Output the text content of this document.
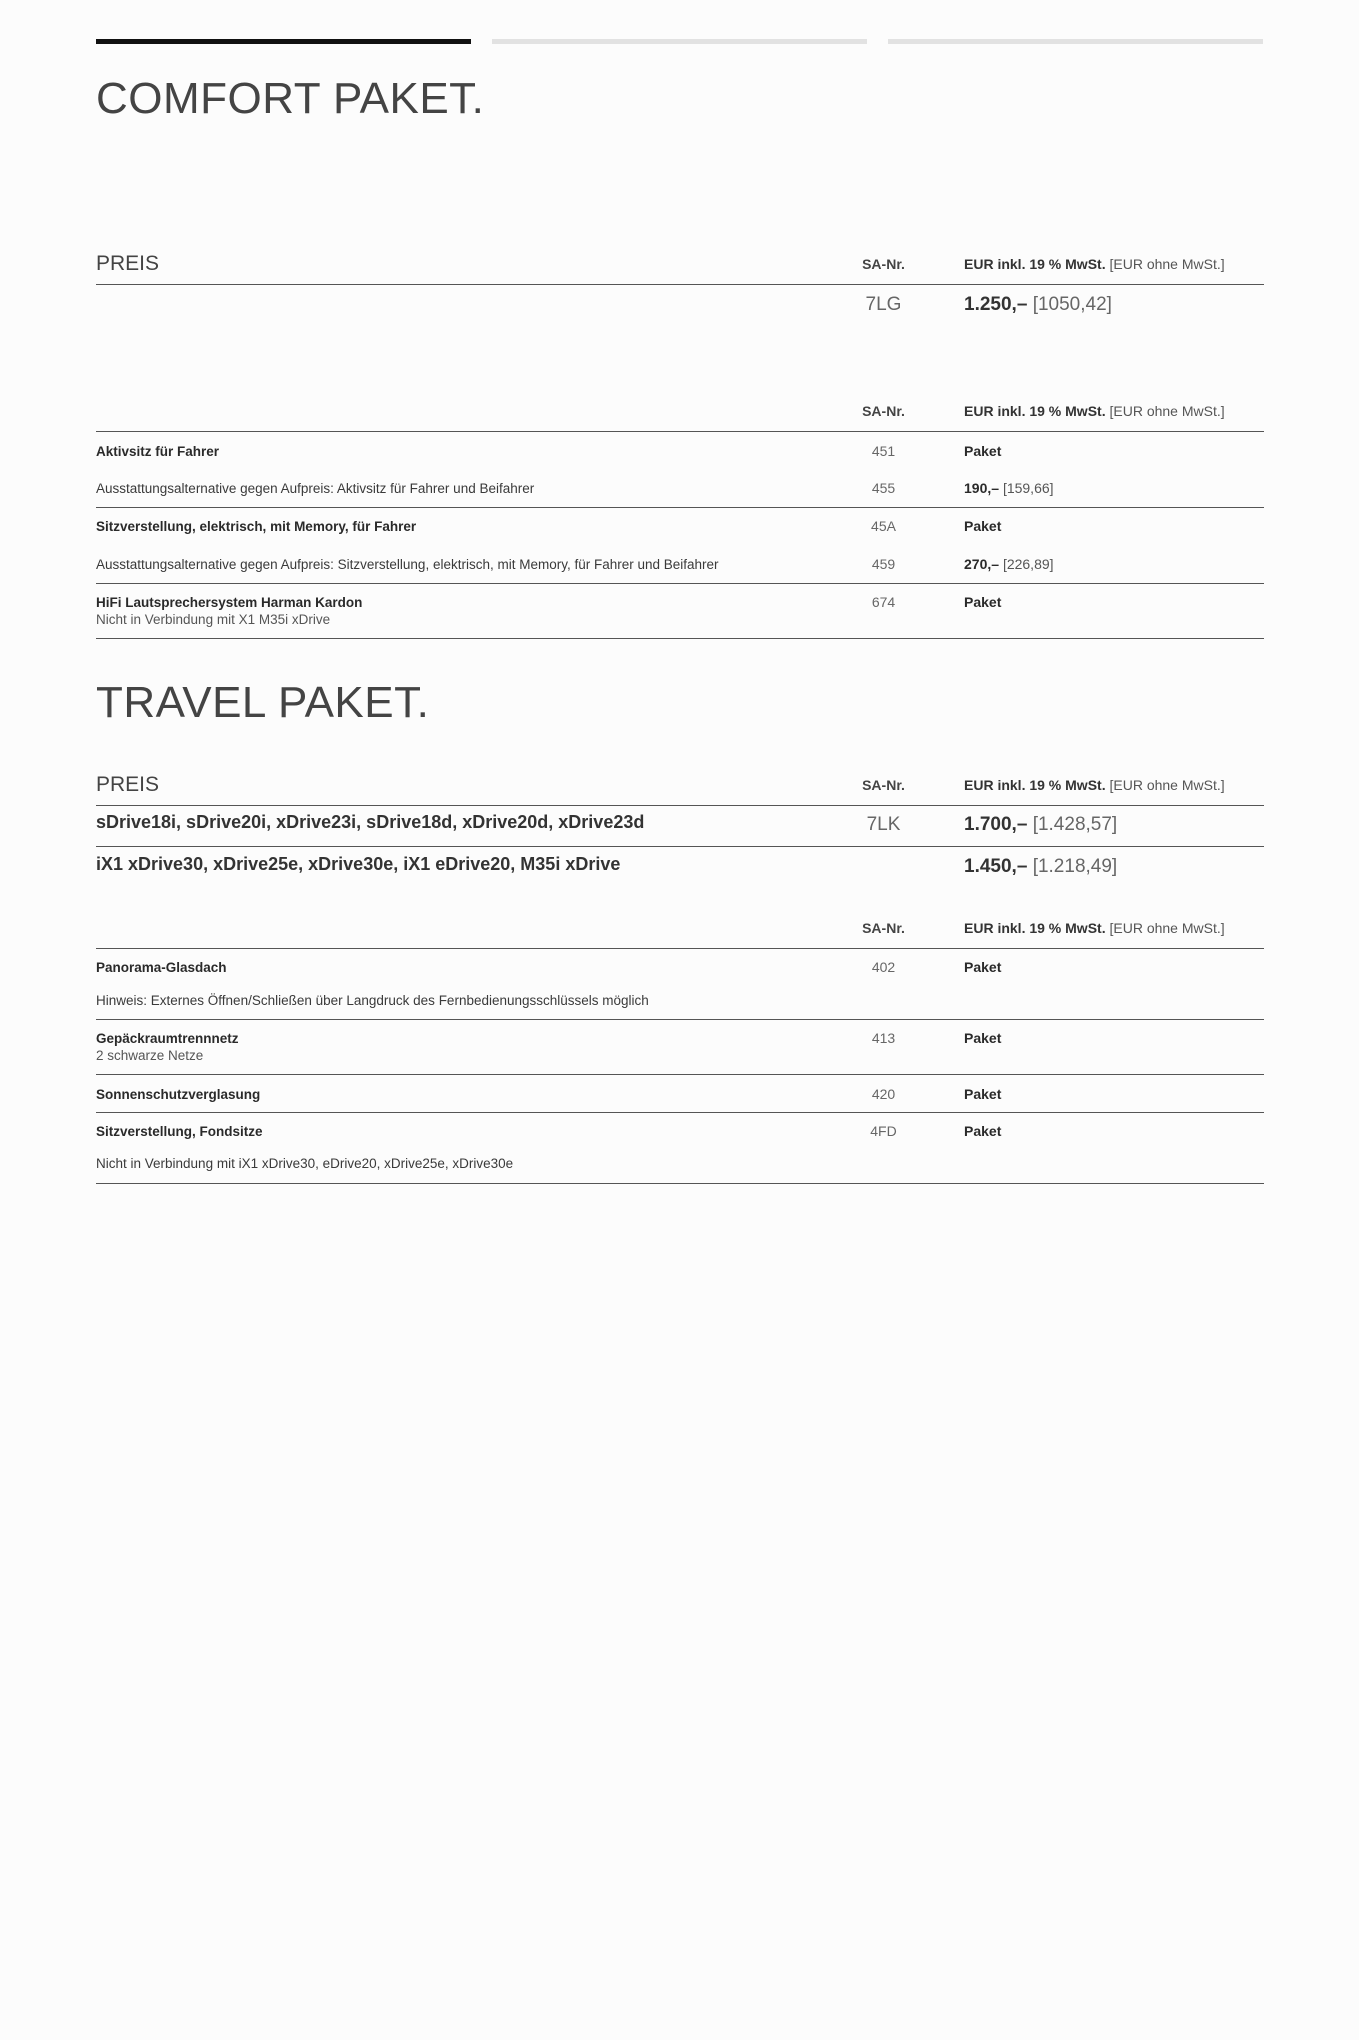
COMFORT PAKET.
PREIS	SA-Nr.	EUR inkl. 19 % MwSt. [EUR ohne MwSt.]
7LG	1.250,– [1050,42]
SA-Nr.	EUR inkl. 19 % MwSt. [EUR ohne MwSt.]
Aktivsitz für Fahrer	451	Paket
Ausstattungsalternative gegen Aufpreis: Aktivsitz für Fahrer und Beifahrer	455	190,– [159,66]
Sitzverstellung, elektrisch, mit Memory, für Fahrer	45A	Paket
Ausstattungsalternative gegen Aufpreis: Sitzverstellung, elektrisch, mit Memory, für Fahrer und Beifahrer	459	270,– [226,89]
HiFi Lautsprechersystem Harman Kardon
Nicht in Verbindung mit X1 M35i xDrive
674	Paket
TRAVEL PAKET.
PREIS	SA-Nr.	EUR inkl. 19 % MwSt. [EUR ohne MwSt.]
sDrive18i, sDrive20i, xDrive23i, sDrive18d, xDrive20d, xDrive23d	7LK	1.700,– [1.428,57]
iX1 xDrive30, xDrive25e, xDrive30e, iX1 eDrive20, M35i xDrive	1.450,– [1.218,49]
SA-Nr.	EUR inkl. 19 % MwSt. [EUR ohne MwSt.]
Panorama-Glasdach	402	Paket
Hinweis: Externes Öffnen/Schließen über Langdruck des Fernbedienungsschlüssels möglich
Gepäckraumtrennnetz
2 schwarze Netze
413	Paket
Sonnenschutzverglasung	420	Paket
Sitzverstellung, Fondsitze	4FD	Paket
Nicht in Verbindung mit iX1 xDrive30, eDrive20, xDrive25e, xDrive30e
